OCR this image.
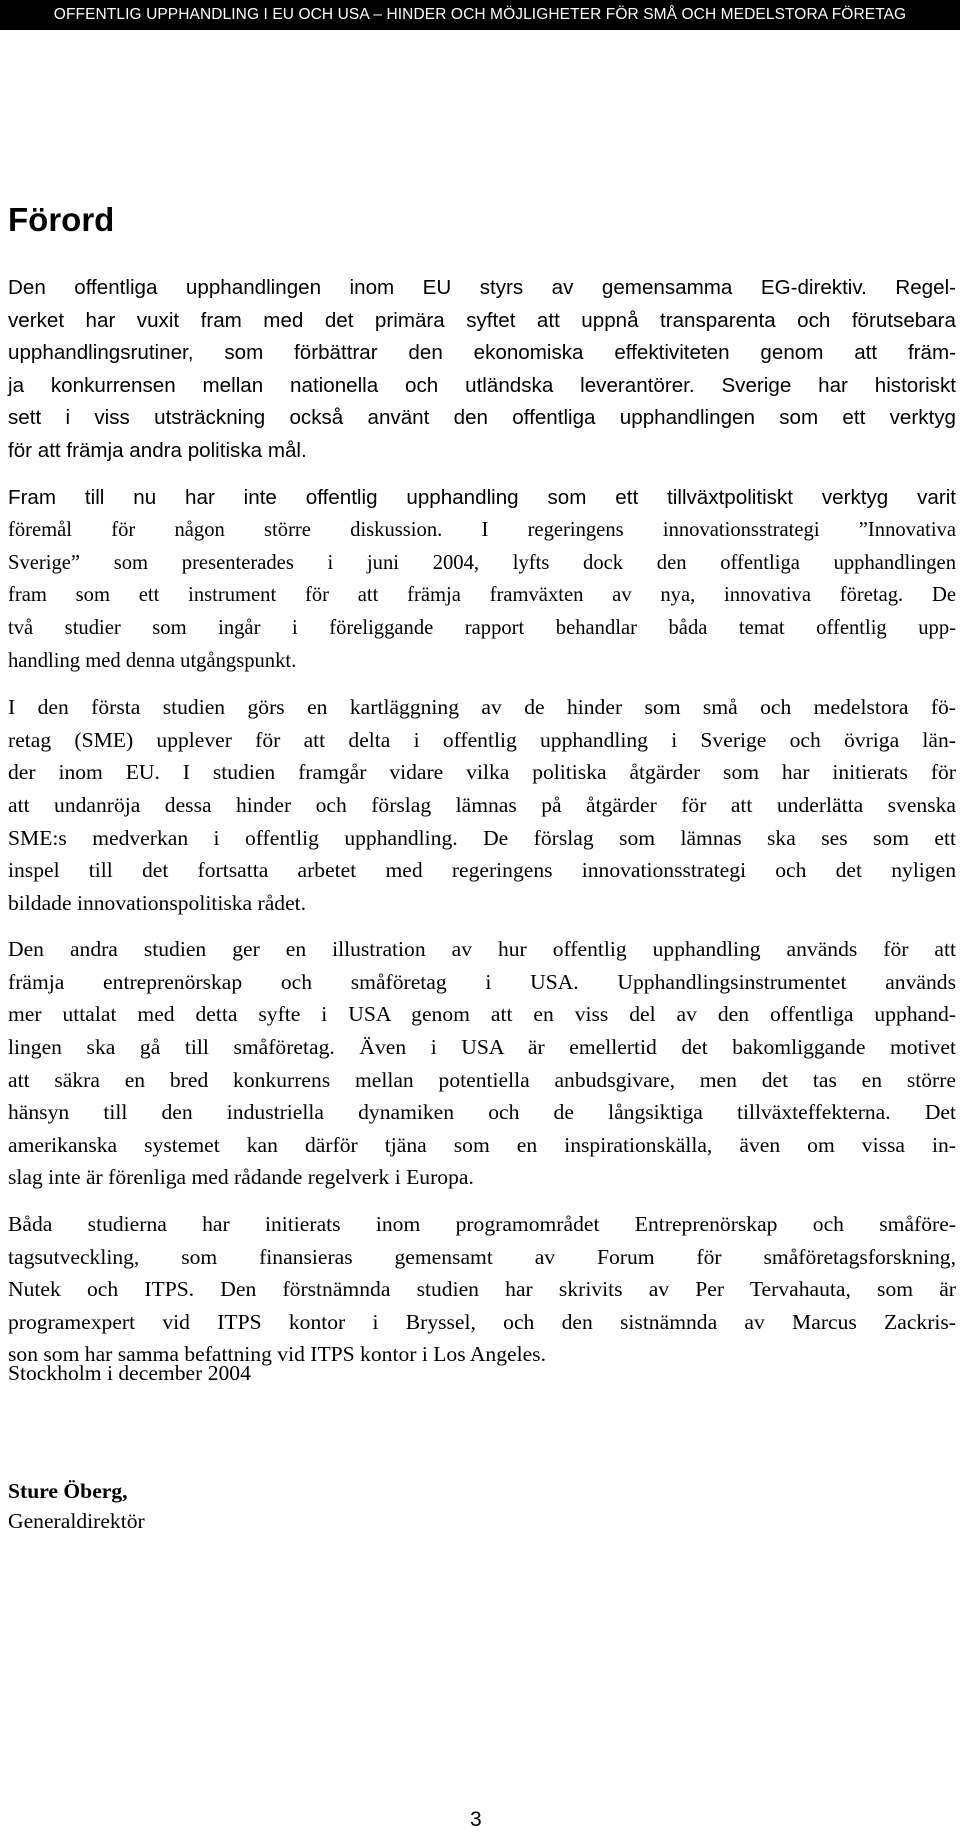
OFFENTLIG UPPHANDLING I EU OCH USA – HINDER OCH MÖJLIGHETER FÖR SMÅ OCH MEDELSTORA FÖRETAG
Förord

Den offentliga upphandlingen inom EU styrs av gemensamma EG-direktiv. Regel-
verket har vuxit fram med det primära syftet att uppnå transparenta och förutsebara
upphandlingsrutiner, som förbättrar den ekonomiska effektiviteten genom att främ-
ja konkurrensen mellan nationella och utländska leverantörer. Sverige har historiskt
sett i viss utsträckning också använt den offentliga upphandlingen som ett verktyg
för att främja andra politiska mål.

Fram till nu har inte offentlig upphandling som ett tillväxtpolitiskt verktyg varit
föremål för någon större diskussion. I regeringens innovationsstrategi ”Innovativa
Sverige” som presenterades i juni 2004, lyfts dock den offentliga upphandlingen
fram som ett instrument för att främja framväxten av nya, innovativa företag. De
två studier som ingår i föreliggande rapport behandlar båda temat offentlig upp-
handling med denna utgångspunkt.

I den första studien görs en kartläggning av de hinder som små och medelstora fö-
retag (SME) upplever för att delta i offentlig upphandling i Sverige och övriga län-
der inom EU. I studien framgår vidare vilka politiska åtgärder som har initierats för
att undanröja dessa hinder och förslag lämnas på åtgärder för att underlätta svenska
SME:s medverkan i offentlig upphandling. De förslag som lämnas ska ses som ett
inspel till det fortsatta arbetet med regeringens innovationsstrategi och det nyligen
bildade innovationspolitiska rådet.

Den andra studien ger en illustration av hur offentlig upphandling används för att
främja entreprenörskap och småföretag i USA. Upphandlingsinstrumentet används
mer uttalat med detta syfte i USA genom att en viss del av den offentliga upphand-
lingen ska gå till småföretag. Även i USA är emellertid det bakomliggande motivet
att säkra en bred konkurrens mellan potentiella anbudsgivare, men det tas en större
hänsyn till den industriella dynamiken och de långsiktiga tillväxteffekterna. Det
amerikanska systemet kan därför tjäna som en inspirationskälla, även om vissa in-
slag inte är förenliga med rådande regelverk i Europa.

Båda studierna har initierats inom programområdet Entreprenörskap och småföre-
tagsutveckling, som finansieras gemensamt av Forum för småföretagsforskning,
Nutek och ITPS. Den förstnämnda studien har skrivits av Per Tervahauta, som är
programexpert vid ITPS kontor i Bryssel, och den sistnämnda av Marcus Zackris-
son som har samma befattning vid ITPS kontor i Los Angeles.

Stockholm i december 2004

Sture Öberg,
Generaldirektör
3
